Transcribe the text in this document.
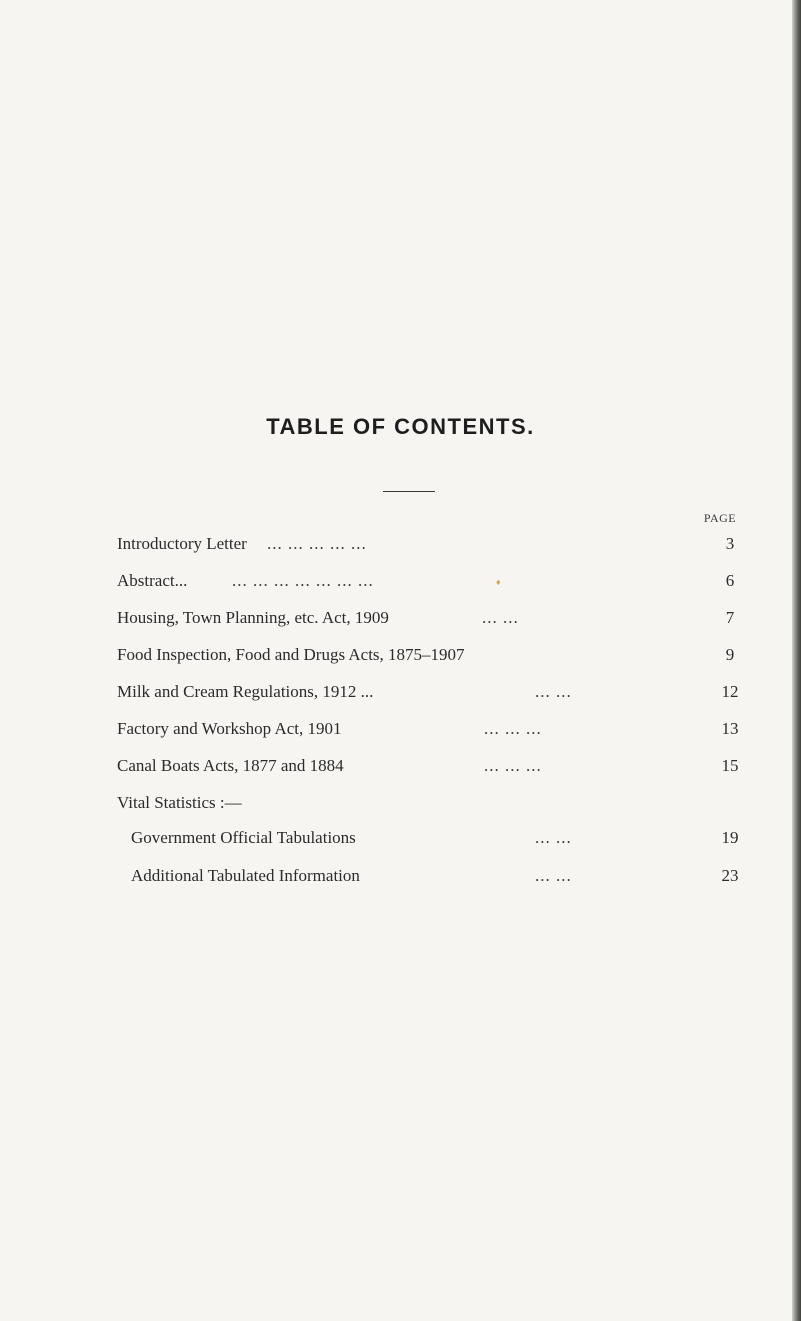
TABLE OF CONTENTS.
PAGE
♦
Introductory Letter ... ... ... ... ...	3
Abstract...	... ... ... ... ... ... ...	6
Housing, Town Planning, etc. Act, 1909	... ...	7
Food Inspection, Food and Drugs Acts, 1875–1907	9
Milk and Cream Regulations, 1912 ...	... ...	12
Factory and Workshop Act, 1901	... ... ...	13
Canal Boats Acts, 1877 and 1884	... ... ...	15
Vital Statistics :—
Government Official Tabulations	... ...	19
Additional Tabulated Information	... ...	23
